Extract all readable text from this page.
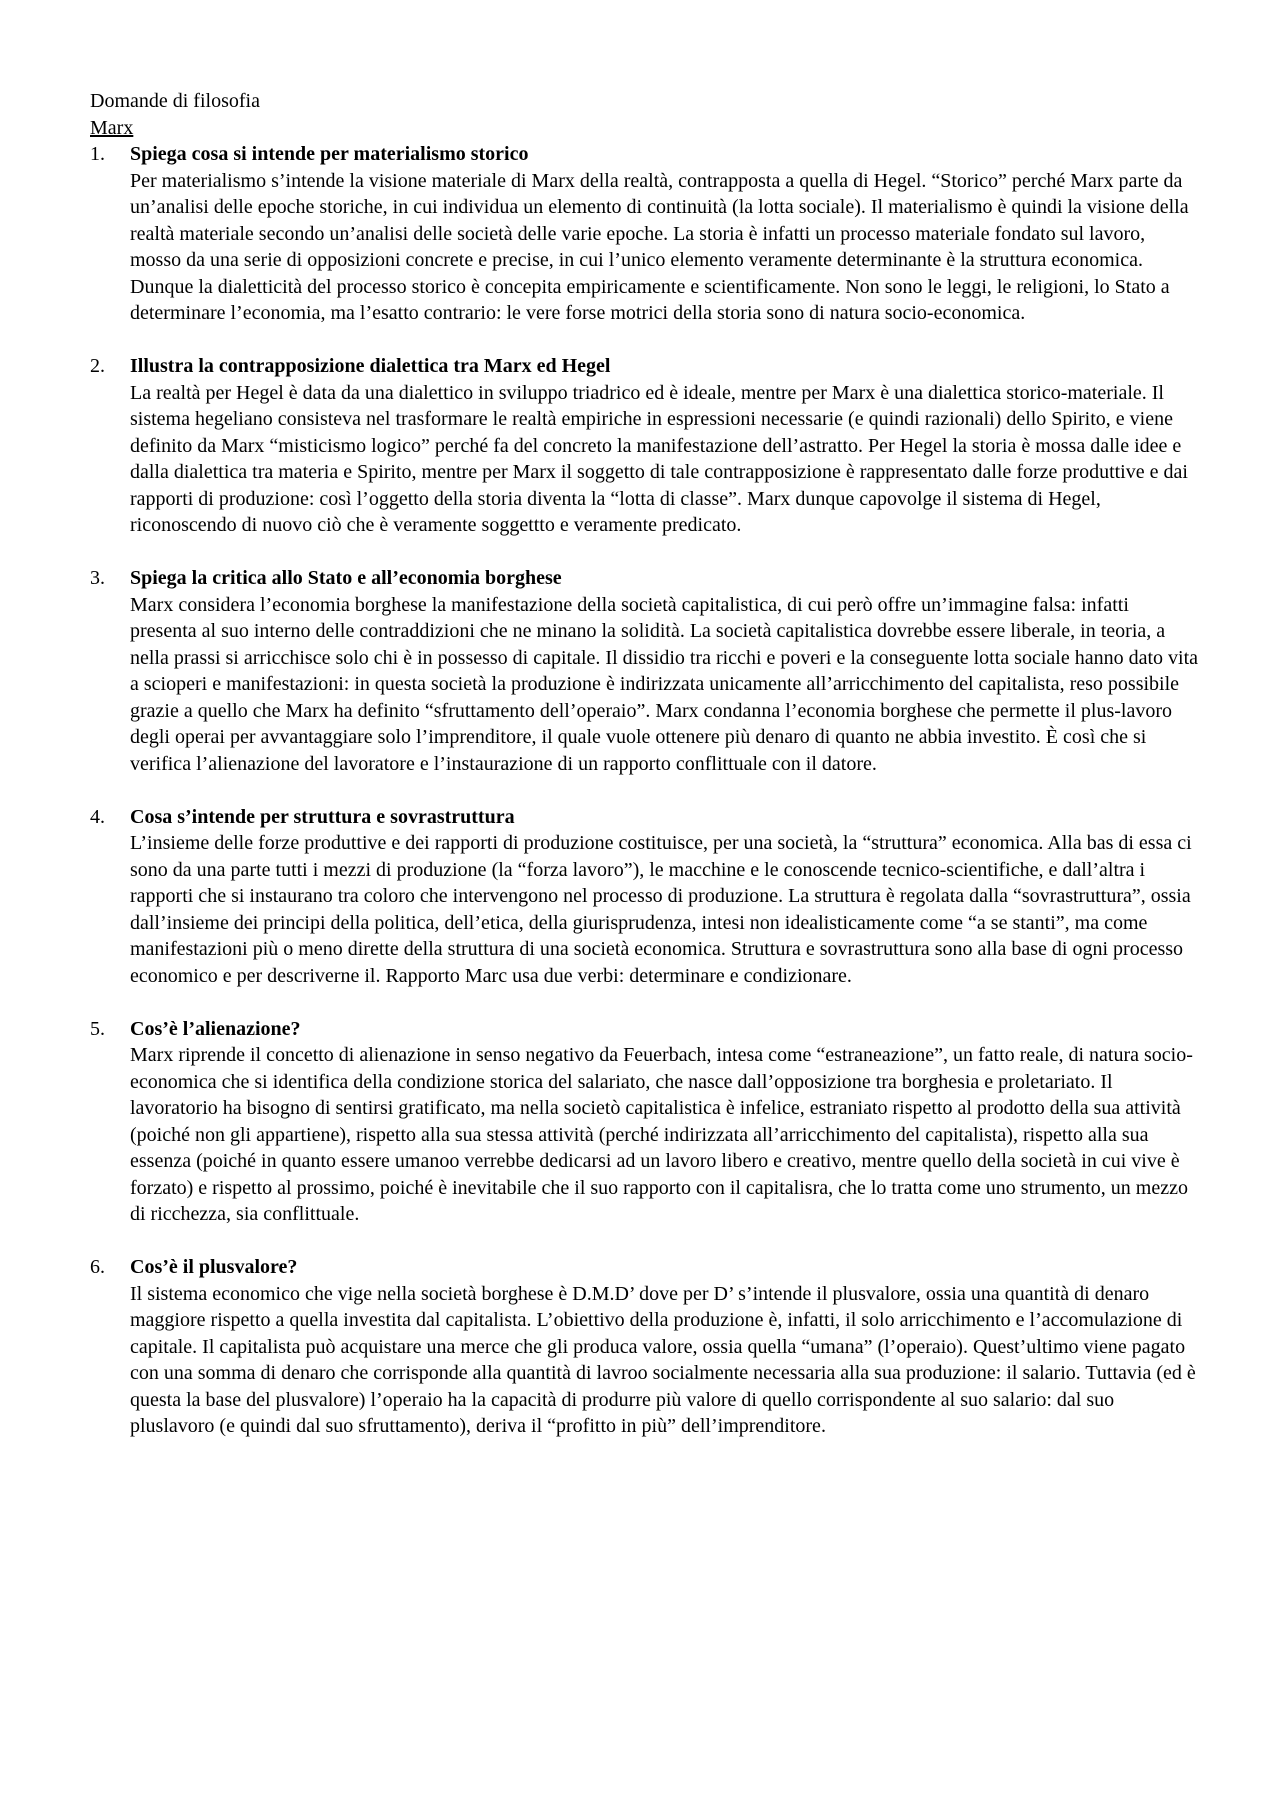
Domande di filosofia
Marx
1.	Spiega cosa si intende per materialismo storico
Per materialismo s’intende la visione materiale di Marx della realtà, contrapposta a quella di Hegel. “Storico” perché Marx parte da un’analisi delle epoche storiche, in cui individua un elemento di continuità (la lotta sociale). Il materialismo è quindi la visione della realtà materiale secondo un’analisi delle società delle varie epoche. La storia è infatti un processo materiale fondato sul lavoro, mosso da una serie di opposizioni concrete e precise, in cui l’unico elemento veramente determinante è la struttura economica. Dunque la dialetticità del processo storico è concepita empiricamente e scientificamente. Non sono le leggi, le religioni, lo Stato a determinare l’economia, ma l’esatto contrario: le vere forse motrici della storia sono di natura socio-economica.
2.	Illustra la contrapposizione dialettica tra Marx ed Hegel
La realtà per Hegel è data da una dialettico in sviluppo triadrico ed è ideale, mentre per Marx è una dialettica storico-materiale. Il sistema hegeliano consisteva nel trasformare le realtà empiriche in espressioni necessarie (e quindi razionali) dello Spirito, e viene definito da Marx “misticismo logico” perché fa del concreto la manifestazione dell’astratto. Per Hegel la storia è mossa dalle idee e dalla dialettica tra materia e Spirito, mentre per Marx il soggetto di tale contrapposizione è rappresentato dalle forze produttive e dai rapporti di produzione: così l’oggetto della storia diventa la “lotta di classe”. Marx dunque capovolge il sistema di Hegel, riconoscendo di nuovo ciò che è veramente soggettto e veramente predicato.
3.	Spiega la critica allo Stato e all’economia borghese
Marx considera l’economia borghese la manifestazione della società capitalistica, di cui però offre un’immagine falsa: infatti presenta al suo interno delle contraddizioni che ne minano la solidità. La società capitalistica dovrebbe essere liberale, in teoria, a nella prassi si arricchisce solo chi è in possesso di capitale. Il dissidio tra ricchi e poveri e la conseguente lotta sociale hanno dato vita a scioperi e manifestazioni: in questa società la produzione è indirizzata unicamente all’arricchimento del capitalista, reso possibile grazie a quello che Marx ha definito “sfruttamento dell’operaio”. Marx condanna l’economia borghese che permette il plus-lavoro degli operai per avvantaggiare solo l’imprenditore, il quale vuole ottenere più denaro di quanto ne abbia investito. È così che si verifica l’alienazione del lavoratore e l’instaurazione di un rapporto conflittuale con il datore.
4.	Cosa s’intende per struttura e sovrastruttura
L’insieme delle forze produttive e dei rapporti di produzione costituisce, per una società, la “struttura” economica. Alla bas di essa ci sono da una parte tutti i mezzi di produzione (la “forza lavoro”), le macchine e le conoscende tecnico-scientifiche, e dall’altra i rapporti che si instaurano tra coloro che intervengono nel processo di produzione. La struttura è regolata dalla “sovrastruttura”, ossia dall’insieme dei principi della politica, dell’etica, della giurisprudenza, intesi non idealisticamente come “a se stanti”, ma come manifestazioni più o meno dirette della struttura di una società economica. Struttura e sovrastruttura sono alla base di ogni processo economico e per descriverne il. Rapporto Marc usa due verbi: determinare e condizionare.
5.	Cos’è l’alienazione?
Marx riprende il concetto di alienazione in senso negativo da Feuerbach, intesa come “estraneazione”, un fatto reale, di natura socio-economica che si identifica della condizione storica del salariato, che nasce dall’opposizione tra borghesia e proletariato. Il lavoratorio ha bisogno di sentirsi gratificato, ma nella societò capitalistica è infelice, estraniato rispetto al prodotto della sua attività (poiché non gli appartiene), rispetto alla sua stessa attività (perché indirizzata all’arricchimento del capitalista), rispetto alla sua essenza (poiché in quanto essere umanoo verrebbe dedicarsi ad un lavoro libero e creativo, mentre quello della società in cui vive è forzato) e rispetto al prossimo, poiché è inevitabile che il suo rapporto con il capitalisra, che lo tratta come uno strumento, un mezzo di ricchezza, sia conflittuale.
6.	Cos’è il plusvalore?
Il sistema economico che vige nella società borghese è D.M.D’ dove per D’ s’intende il plusvalore, ossia una quantità di denaro maggiore rispetto a quella investita dal capitalista. L’obiettivo della produzione è, infatti, il solo arricchimento e l’accomulazione di capitale. Il capitalista può acquistare una merce che gli produca valore, ossia quella “umana” (l’operaio). Quest’ultimo viene pagato con una somma di denaro che corrisponde alla quantità di lavroo socialmente necessaria alla sua produzione: il salario. Tuttavia (ed è questa la base del plusvalore) l’operaio ha la capacità di produrre più valore di quello corrispondente al suo salario: dal suo pluslavoro (e quindi dal suo sfruttamento), deriva il “profitto in più” dell’imprenditore.
